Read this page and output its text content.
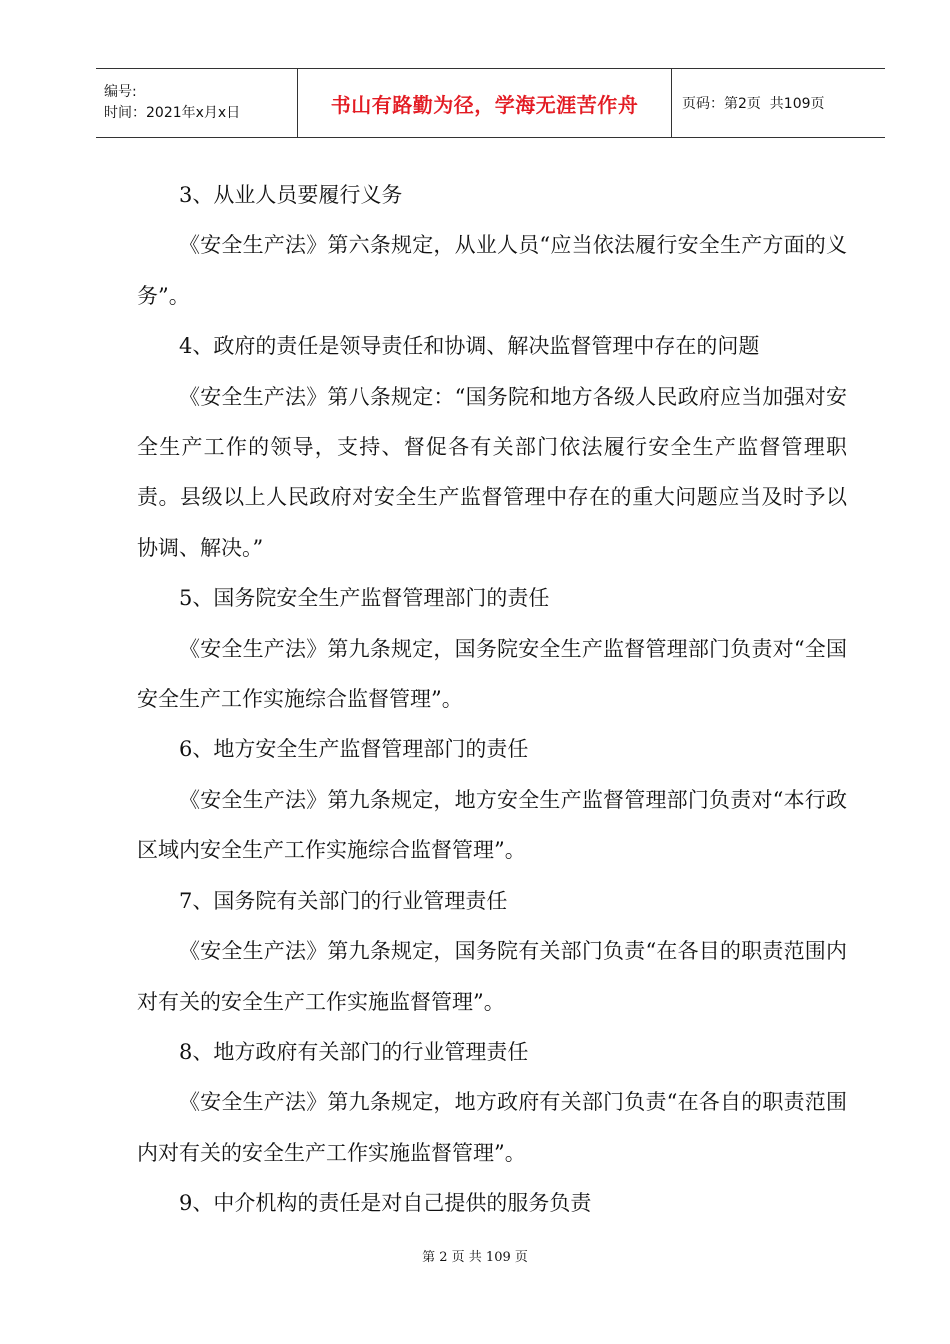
编号:
时间：2021年x月x日	书山有路勤为径，学海无涯苦作舟	页码：第2页  共109页

3、从业人员要履行义务

《安全生产法》第六条规定，从业人员“应当依法履行安全生产方面的义务”。

4、政府的责任是领导责任和协调、解决监督管理中存在的问题

《安全生产法》第八条规定：“国务院和地方各级人民政府应当加强对安全生产工作的领导，支持、督促各有关部门依法履行安全生产监督管理职责。县级以上人民政府对安全生产监督管理中存在的重大问题应当及时予以协调、解决。”

5、国务院安全生产监督管理部门的责任

《安全生产法》第九条规定，国务院安全生产监督管理部门负责对“全国安全生产工作实施综合监督管理”。

6、地方安全生产监督管理部门的责任

《安全生产法》第九条规定，地方安全生产监督管理部门负责对“本行政区域内安全生产工作实施综合监督管理”。

7、国务院有关部门的行业管理责任

《安全生产法》第九条规定，国务院有关部门负责“在各目的职责范围内对有关的安全生产工作实施监督管理”。

8、地方政府有关部门的行业管理责任

《安全生产法》第九条规定，地方政府有关部门负责“在各自的职责范围内对有关的安全生产工作实施监督管理”。

9、中介机构的责任是对自己提供的服务负责

第 2 页 共 109 页
